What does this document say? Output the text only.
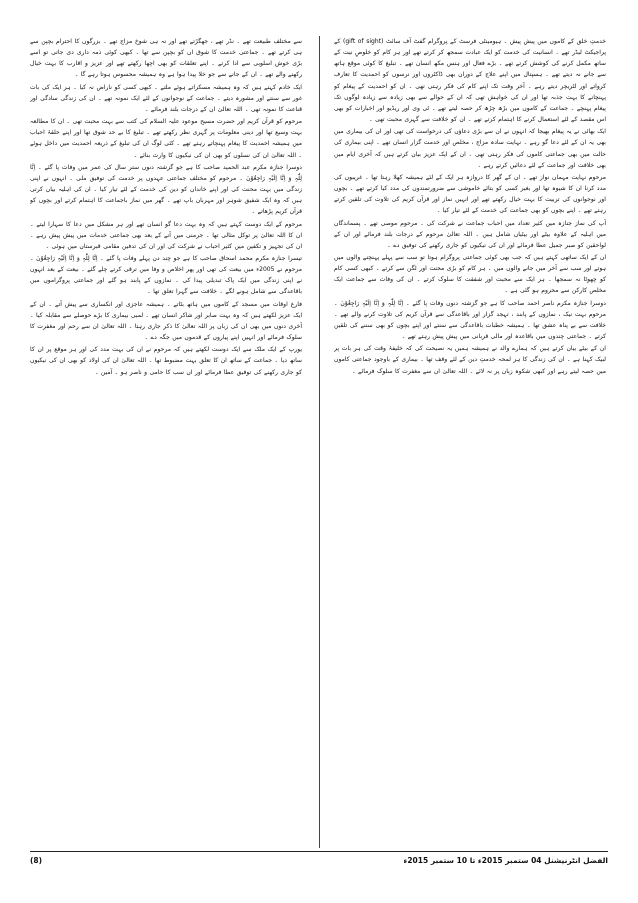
خدمتِ خلق کے کاموں میں پیش پیش ۔ ہیومینٹی فرسٹ کے پروگرام گفٹ آف سائٹ (gift of sight) کے پراجیکٹ لیڈر تھے ۔ انسانیت کی خدمت کو ایک عبادت سمجھ کر کرتے تھے اور ہر کام کو خلوصِ نیت کے ساتھ مکمل کرنے کی کوشش کرتے تھے ۔ بڑے فعال اور ہنس مکھ انسان تھے ۔ تبلیغ کا کوئی موقع ہاتھ سے جانے نہ دیتے تھے ۔ ہسپتال میں اپنے علاج کے دوران بھی ڈاکٹروں اور نرسوں کو احمدیت کا تعارف کرواتے اور لٹریچر دیتے رہے ۔ آخر وقت تک اپنے کام کی فکر رہتی تھی ۔ ان کو احمدیت کے پیغام کو پہنچانے کا بہت جذبہ تھا اور ان کی خواہش تھی کہ ان کے حوالے سے بھی زیادہ سے زیادہ لوگوں تک پیغام پہنچے ۔ جماعت کے کاموں میں بڑھ چڑھ کر حصہ لیتے تھے ۔ ٹی وی اور ریڈیو اور اخبارات کو بھی اس مقصد کے لئے استعمال کرنے کا اہتمام کرتے تھے ۔ ان کو خلافت سے گہری محبت تھی ۔

ایک بھائی نے یہ پیغام بھیجا کہ انہوں نے ان سے بڑی دعاؤں کی درخواست کی تھی اور ان کی بیماری میں بھی یہ ان کے لئے دعا گو رہے ۔ نہایت سادہ مزاج ، مخلص اور خدمت گزار انسان تھے ۔ اپنی بیماری کی حالت میں بھی جماعتی کاموں کی فکر رہتی تھی ۔ ان کے ایک عزیز بیان کرتے ہیں کہ آخری ایام میں بھی خلافت اور جماعت کے لئے دعائیں کرتے رہے ۔

مرحوم نہایت مہمان نواز تھے ۔ ان کے گھر کا دروازہ ہر ایک کے لئے ہمیشہ کھلا رہتا تھا ۔ غریبوں کی مدد کرنا ان کا شیوہ تھا اور بغیر کسی کو بتائے خاموشی سے ضرورتمندوں کی مدد کیا کرتے تھے ۔ بچوں اور نوجوانوں کی تربیت کا بہت خیال رکھتے تھے اور انہیں نماز اور قرآن کریم کی تلاوت کی تلقین کرتے رہتے تھے ۔ اپنے بچوں کو بھی جماعت کی خدمت کے لئے تیار کیا ۔

آپ کی نماز جنازہ میں کثیر تعداد میں احباب جماعت نے شرکت کی ۔ مرحوم موصی تھے ۔ پسماندگان میں اہلیہ کے علاوہ بیٹے اور بیٹیاں شامل ہیں ۔ اللہ تعالیٰ مرحوم کے درجات بلند فرمائے اور ان کے لواحقین کو صبر جمیل عطا فرمائے اور ان کی نیکیوں کو جاری رکھنے کی توفیق دے ۔

ان کے ایک ساتھی کہتے ہیں کہ جب بھی کوئی جماعتی پروگرام ہوتا تو سب سے پہلے پہنچنے والوں میں ہوتے اور سب سے آخر میں جانے والوں میں ۔ ہر کام کو بڑی محنت اور لگن سے کرتے ۔ کبھی کسی کام کو چھوٹا نہ سمجھا ۔ ہر ایک سے محبت اور شفقت کا سلوک کرتے ۔ ان کی وفات سے جماعت ایک مخلص کارکن سے محروم ہو گئی ہے ۔

دوسرا جنازہ مکرم ناصر احمد صاحب کا ہے جو گزشتہ دنوں وفات پا گئے ۔ اِنَّا لِلّٰہِ وَ اِنَّا اِلَیْہِ رَاجِعُوْنَ ۔ مرحوم بہت نیک ، نمازوں کے پابند ، تہجد گزار اور باقاعدگی سے قرآن کریم کی تلاوت کرنے والے تھے ۔ خلافت سے بے پناہ عشق تھا ۔ ہمیشہ خطبات باقاعدگی سے سنتے اور اپنے بچوں کو بھی سننے کی تلقین کرتے ۔ جماعتی چندوں میں باقاعدہ اور مالی قربانی میں پیش پیش رہتے تھے ۔

ان کے بیٹے بیان کرتے ہیں کہ ہمارے والد نے ہمیشہ ہمیں یہ نصیحت کی کہ خلیفۂ وقت کی ہر بات پر لبیک کہنا ہے ۔ ان کی زندگی کا ہر لمحہ خدمتِ دین کے لئے وقف تھا ۔ بیماری کے باوجود جماعتی کاموں میں حصہ لیتے رہے اور کبھی شکوہ زبان پر نہ لائے ۔ اللہ تعالیٰ ان سے مغفرت کا سلوک فرمائے ۔

سے مختلف طبیعت تھے ۔ نڈر تھے ، جھگڑتے تھے اور نہ ہی شوخ مزاج تھے ۔ بزرگوں کا احترام بچپن سے ہی کرتے تھے ۔ جماعتی خدمت کا شوق ان کو بچپن سے تھا ۔ کبھی کوئی ذمہ داری دی جاتی تو اسے بڑی خوش اسلوبی سے ادا کرتے ۔ اپنے تعلقات کو بھی اچھا رکھتے تھے اور عزیز و اقارب کا بہت خیال رکھنے والے تھے ۔ ان کے جانے سے جو خلا پیدا ہوا ہے وہ ہمیشہ محسوس ہوتا رہے گا ۔

ایک خادم کہتے ہیں کہ وہ ہمیشہ مسکراتے ہوئے ملتے ۔ کبھی کسی کو ناراض نہ کیا ۔ ہر ایک کی بات غور سے سنتے اور مشورہ دیتے ۔ جماعت کے نوجوانوں کے لئے ایک نمونہ تھے ۔ ان کی زندگی سادگی اور قناعت کا نمونہ تھی ۔ اللہ تعالیٰ ان کے درجات بلند فرمائے ۔

مرحوم کو قرآن کریم اور حضرت مسیح موعود علیہ السلام کی کتب سے بہت محبت تھی ۔ ان کا مطالعہ بہت وسیع تھا اور دینی معلومات پر گہری نظر رکھتے تھے ۔ تبلیغ کا بے حد شوق تھا اور اپنے حلقۂ احباب میں ہمیشہ احمدیت کا پیغام پہنچاتے رہتے تھے ۔ کئی لوگ ان کی تبلیغ کے ذریعہ احمدیت میں داخل ہوئے ۔ اللہ تعالیٰ ان کی نسلوں کو بھی ان کی نیکیوں کا وارث بنائے ۔

دوسرا جنازہ مکرم عبد الحمید صاحب کا ہے جو گزشتہ دنوں ستر سال کی عمر میں وفات پا گئے ۔ اِنَّا لِلّٰہِ وَ اِنَّا اِلَیْہِ رَاجِعُوْنَ ۔ مرحوم کو مختلف جماعتی عہدوں پر خدمت کی توفیق ملی ۔ انہوں نے اپنی زندگی میں بہت محنت کی اور اپنے خاندان کو دین کی خدمت کے لئے تیار کیا ۔ ان کی اہلیہ بیان کرتی ہیں کہ وہ ایک شفیق شوہر اور مہربان باپ تھے ۔ گھر میں نماز باجماعت کا اہتمام کرتے اور بچوں کو قرآن کریم پڑھاتے ۔

مرحوم کے ایک دوست کہتے ہیں کہ وہ بہت دعا گو انسان تھے اور ہر مشکل میں دعا کا سہارا لیتے ۔ ان کا اللہ تعالیٰ پر توکل مثالی تھا ۔ جرمنی میں آنے کے بعد بھی جماعتی خدمات میں پیش پیش رہے ۔ ان کی تجہیز و تکفین میں کثیر احباب نے شرکت کی اور ان کی تدفین مقامی قبرستان میں ہوئی ۔

تیسرا جنازہ مکرم محمد اسحاق صاحب کا ہے جو چند دن پہلے وفات پا گئے ۔ اِنَّا لِلّٰہِ وَ اِنَّا اِلَیْہِ رَاجِعُوْنَ ۔ مرحوم نے 2005ء میں بیعت کی تھی اور پھر اخلاص و وفا میں ترقی کرتے چلے گئے ۔ بیعت کے بعد انہوں نے اپنی زندگی میں ایک پاک تبدیلی پیدا کی ۔ نمازوں کے پابند ہو گئے اور جماعتی پروگراموں میں باقاعدگی سے شامل ہونے لگے ۔ خلافت سے گہرا تعلق تھا ۔

فارغ اوقات میں مسجد کے کاموں میں ہاتھ بٹاتے ۔ ہمیشہ عاجزی اور انکساری سے پیش آتے ۔ ان کے ایک عزیز لکھتے ہیں کہ وہ بہت صابر اور شاکر انسان تھے ۔ لمبی بیماری کا بڑے حوصلے سے مقابلہ کیا ۔ آخری دنوں میں بھی ان کی زبان پر اللہ تعالیٰ کا ذکر جاری رہتا ۔ اللہ تعالیٰ ان سے رحم اور مغفرت کا سلوک فرمائے اور انہیں اپنے پیاروں کے قدموں میں جگہ دے ۔

یورپ کے ایک ملک سے ایک دوست لکھتے ہیں کہ مرحوم نے ان کی بہت مدد کی اور ہر موقع پر ان کا ساتھ دیا ۔ جماعت کے ساتھ ان کا تعلق بہت مضبوط تھا ۔ اللہ تعالیٰ ان کی اولاد کو بھی ان کی نیکیوں کو جاری رکھنے کی توفیق عطا فرمائے اور ان سب کا حامی و ناصر ہو ۔ آمین ۔

(8)	الفضل انٹرنیشنل 04 ستمبر 2015ء تا 10 ستمبر 2015ء
